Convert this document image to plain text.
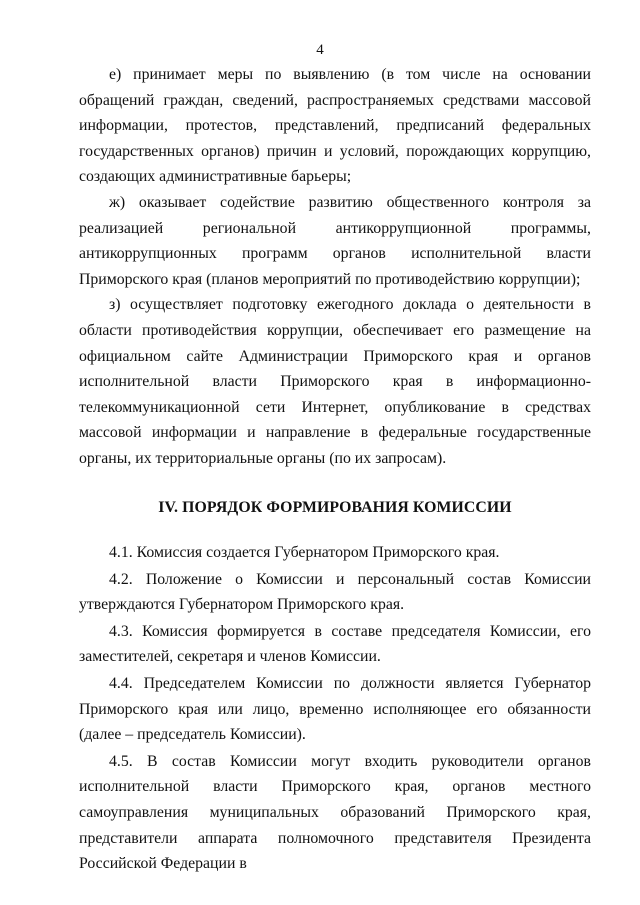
4

е) принимает меры по выявлению (в том числе на основании обращений граждан, сведений, распространяемых средствами массовой информации, протестов, представлений, предписаний федеральных государственных органов) причин и условий, порождающих коррупцию, создающих административные барьеры;

ж) оказывает содействие развитию общественного контроля за реализацией региональной антикоррупционной программы, антикоррупционных программ органов исполнительной власти Приморского края (планов мероприятий по противодействию коррупции);

з) осуществляет подготовку ежегодного доклада о деятельности в области противодействия коррупции, обеспечивает его размещение на официальном сайте Администрации Приморского края и органов исполнительной власти Приморского края в информационно-телекоммуникационной сети Интернет, опубликование в средствах массовой информации и направление в федеральные государственные органы, их территориальные органы (по их запросам).

IV. ПОРЯДОК ФОРМИРОВАНИЯ КОМИССИИ

4.1. Комиссия создается Губернатором Приморского края.

4.2. Положение о Комиссии и персональный состав Комиссии утверждаются Губернатором Приморского края.

4.3. Комиссия формируется в составе председателя Комиссии, его заместителей, секретаря и членов Комиссии.

4.4. Председателем Комиссии по должности является Губернатор Приморского края или лицо, временно исполняющее его обязанности (далее – председатель Комиссии).

4.5. В состав Комиссии могут входить руководители органов исполнительной власти Приморского края, органов местного самоуправления муниципальных образований Приморского края, представители аппарата полномочного представителя Президента Российской Федерации в
